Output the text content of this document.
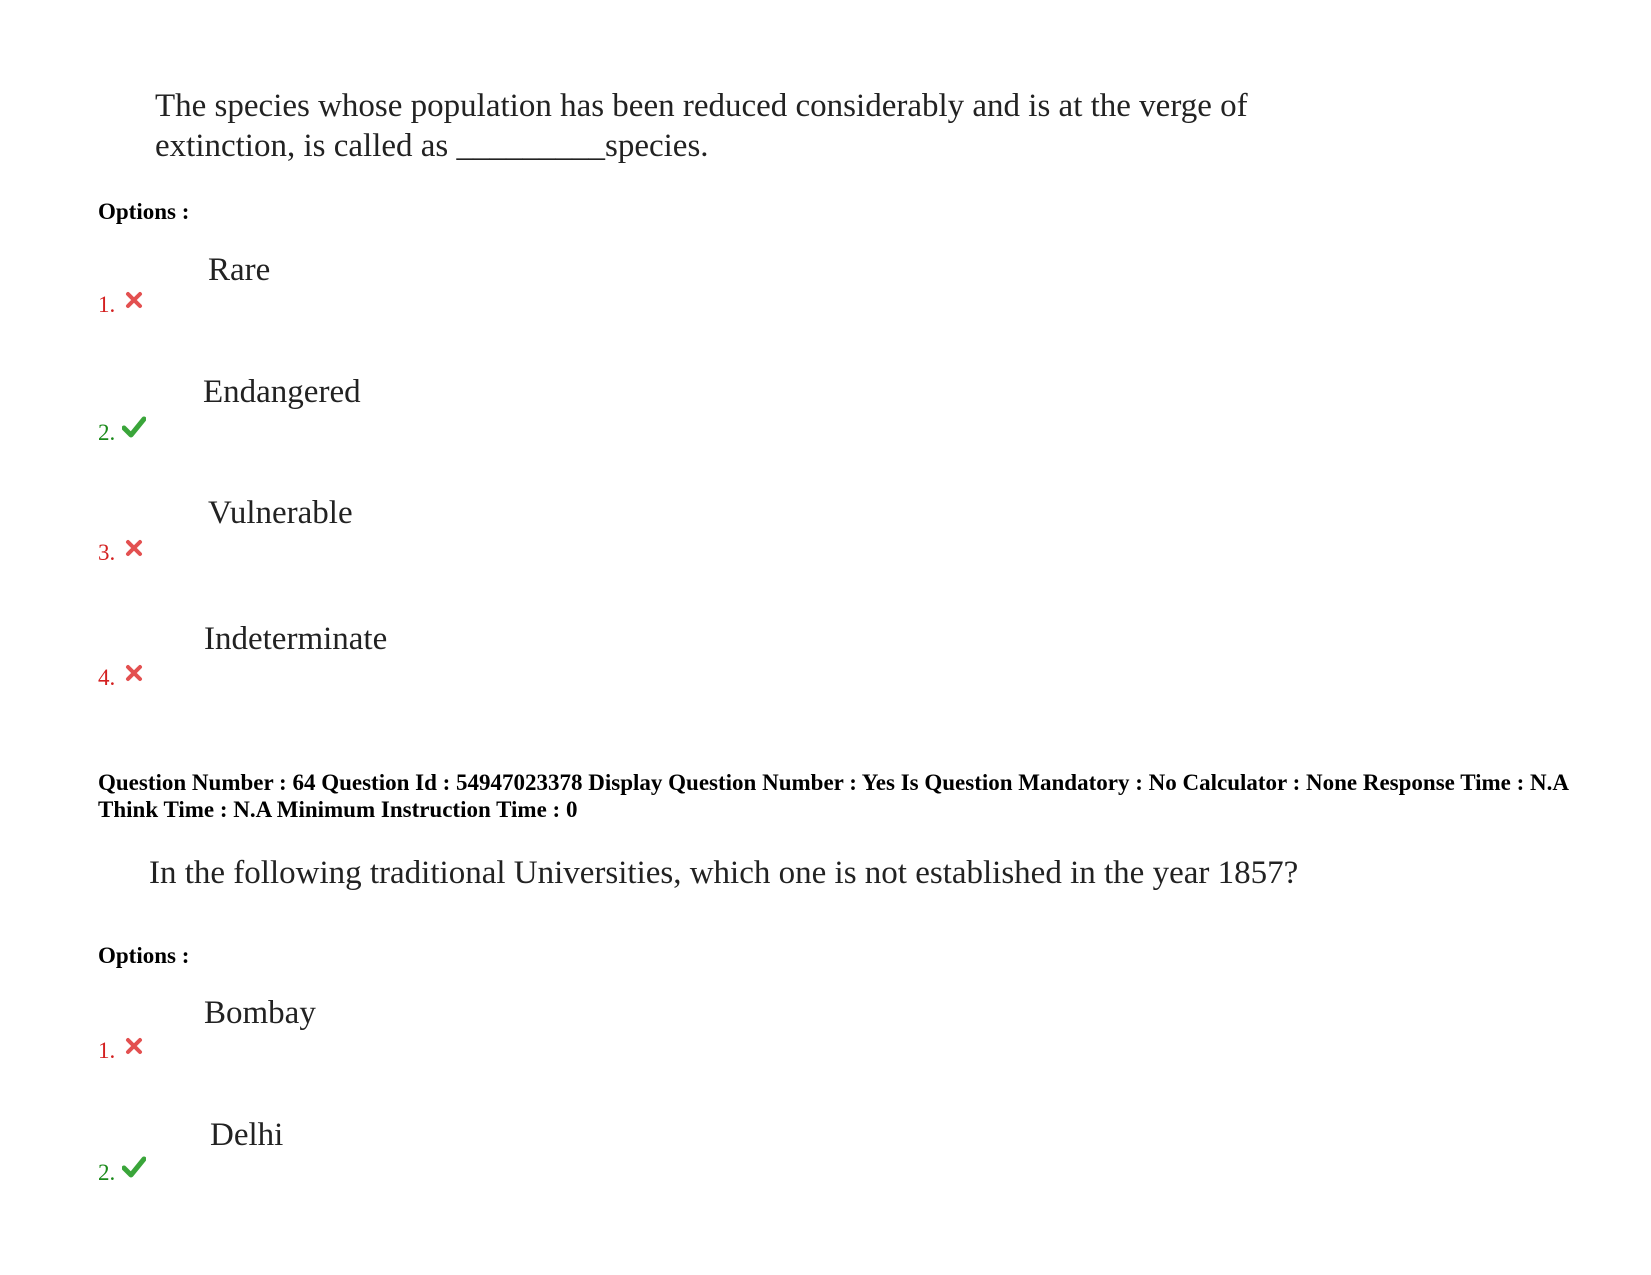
The species whose population has been reduced considerably and is at the verge of
extinction, is called as _________species.
Options :
Rare
1.
Endangered
2.
Vulnerable
3.
Indeterminate
4.
Question Number : 64 Question Id : 54947023378 Display Question Number : Yes Is Question Mandatory : No Calculator : None Response Time : N.A Think Time : N.A Minimum Instruction Time : 0
In the following traditional Universities, which one is not established in the year 1857?
Options :
Bombay
1.
Delhi
2.
